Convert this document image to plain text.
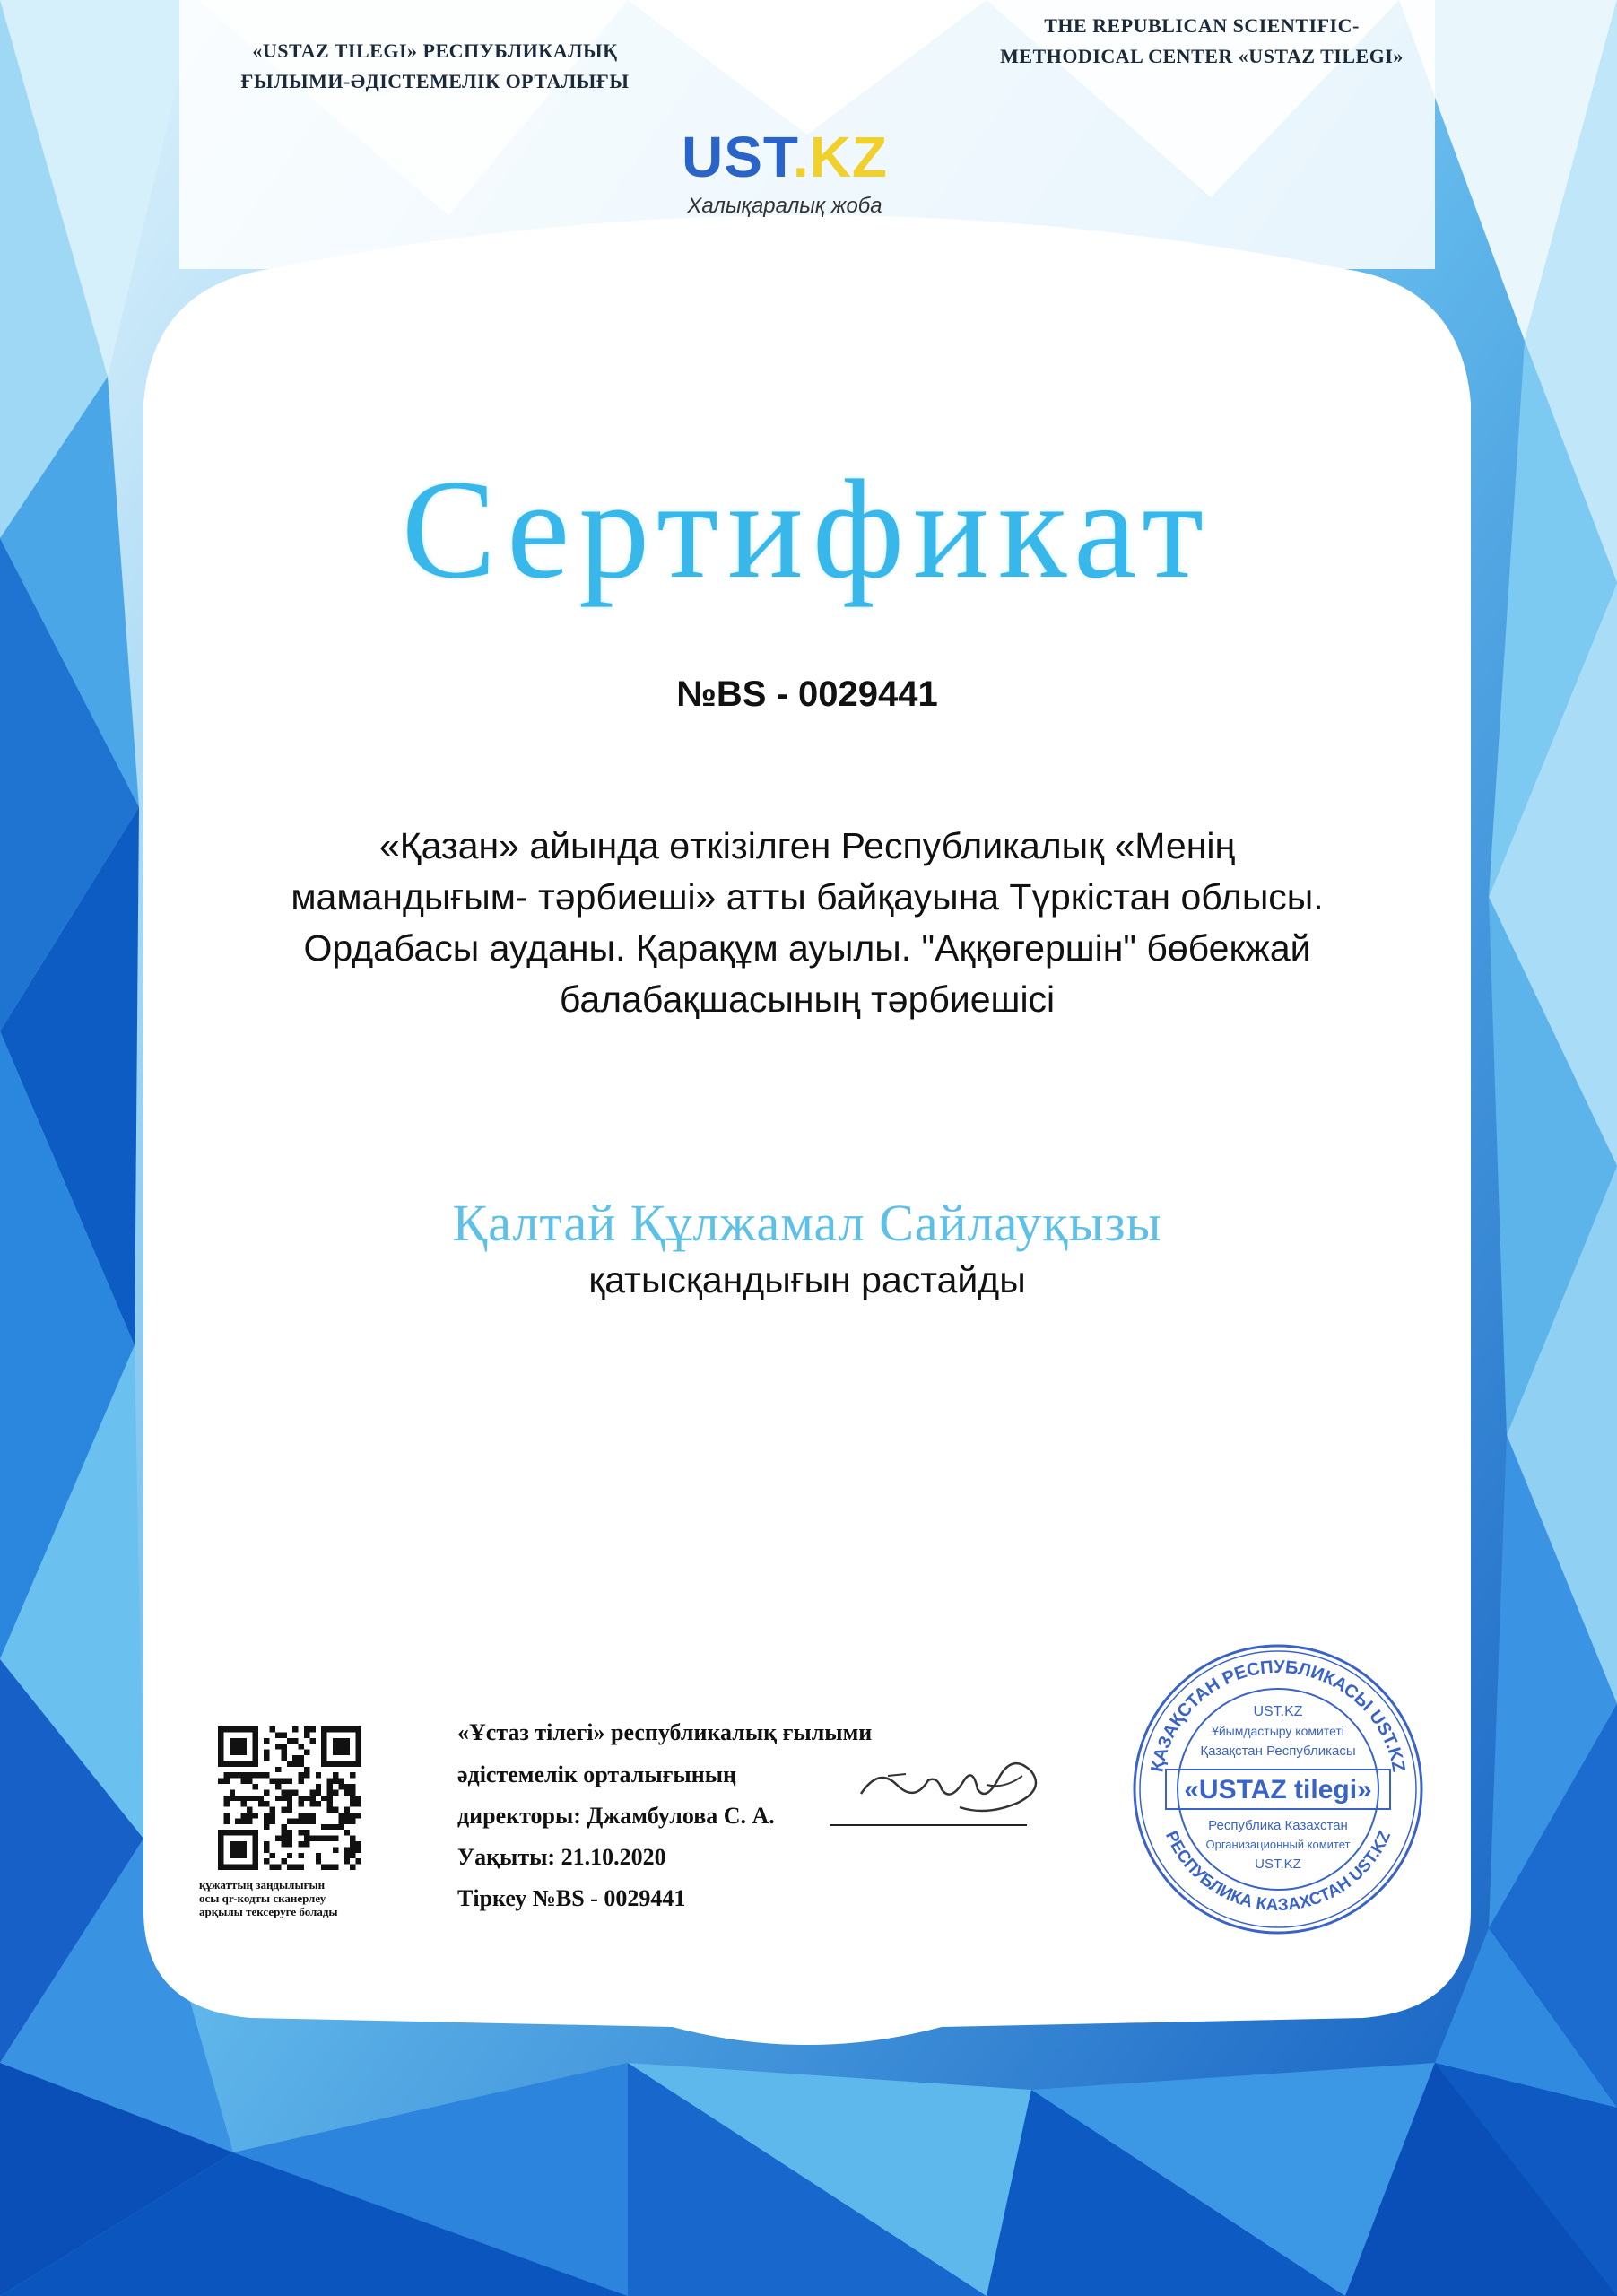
«USTAZ TILEGI» РЕСПУБЛИКАЛЫҚ
ҒЫЛЫМИ-ӘДІСТЕМЕЛІК ОРТАЛЫҒЫ
THE REPUBLICAN SCIENTIFIC-
METHODICAL CENTER «USTAZ TILEGI»
UST.KZ
Халықаралық жоба
Сертификат
№BS - 0029441
«Қазан» айында өткізілген Республикалық «Менің
мамандығым- тәрбиеші» атты байқауына Түркістан облысы.
Ордабасы ауданы. Қарақұм ауылы. "Аққөгершін" бөбекжай
балабақшасының тәрбиешісі
Қалтай Құлжамал Сайлауқызы
қатысқандығын растайды
құжаттың заңдылығын
осы qr-кодты сканерлеу
арқылы тексеруге болады
«Ұстаз тілегі» республикалық ғылыми
әдістемелік орталығының
директоры: Джамбулова С. А.
Уақыты: 21.10.2020
Тіркеу №BS - 0029441
ҚАЗАҚСТАН РЕСПУБЛИКАСЫ UST.KZ
РЕСПУБЛИКА КАЗАХСТАН UST.KZ
UST.KZ
Ұйымдастыру комитеті
Қазақстан Республикасы
«USTAZ tilegi»
Республика Казахстан
Организационный комитет
UST.KZ
